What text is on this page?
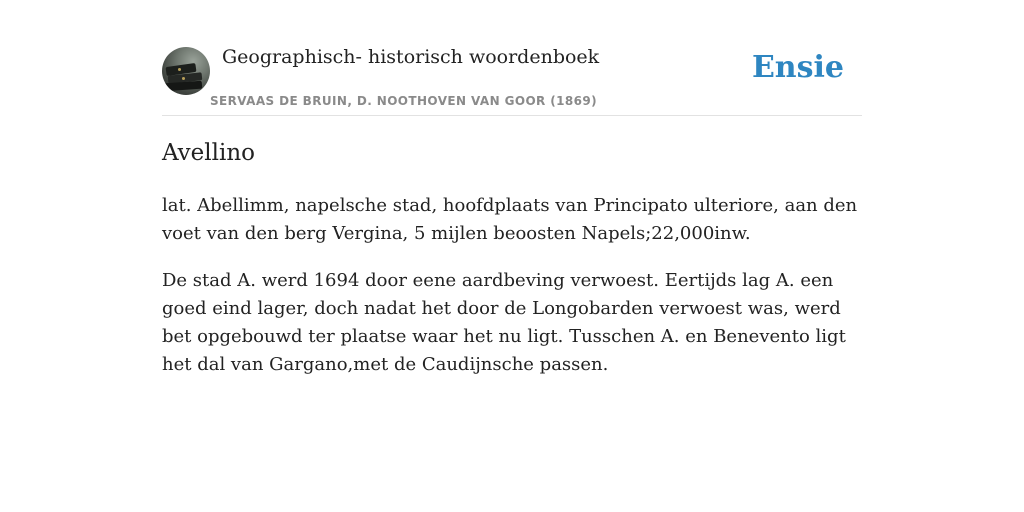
Geographisch- historisch woordenboek
SERVAAS DE BRUIN, D. NOOTHOVEN VAN GOOR (1869)
Ensie
Avellino

lat. Abellimm, napelsche stad, hoofdplaats van Principato ulteriore, aan den voet van den berg Vergina, 5 mijlen beoosten Napels;22,000inw.

De stad A. werd 1694 door eene aardbeving verwoest. Eertijds lag A. een goed eind lager, doch nadat het door de Longobarden verwoest was, werd bet opgebouwd ter plaatse waar het nu ligt. Tusschen A. en Benevento ligt het dal van Gargano,met de Caudijnsche passen.
